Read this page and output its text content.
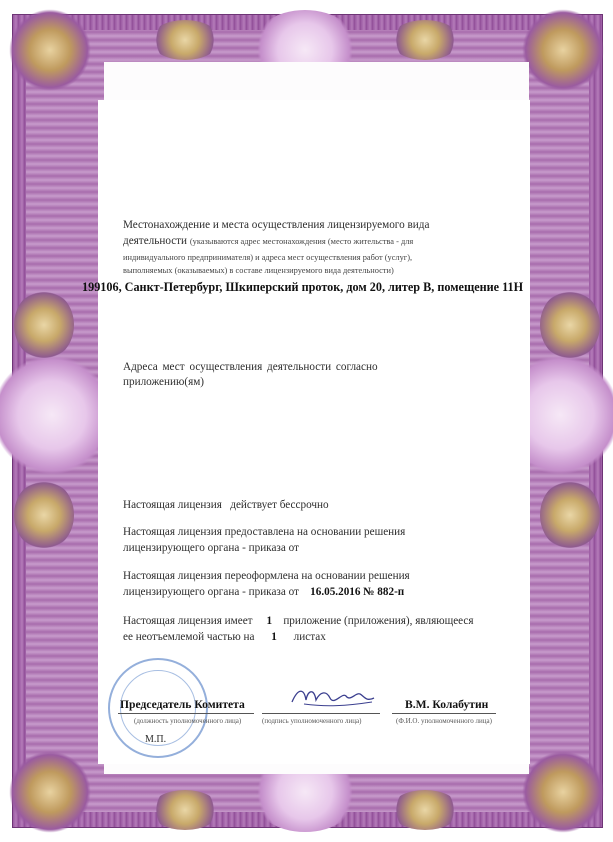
Местонахождение и места осуществления лицензируемого вида
деятельности (указываются адрес местонахождения (место жительства - для
индивидуального предпринимателя) и адреса мест осуществления работ (услуг),
выполняемых (оказываемых) в составе лицензируемого вида деятельности)
199106, Санкт-Петербург, Шкиперский проток, дом 20, литер В, помещение 11Н
Адреса мест осуществления деятельности согласно
приложению(ям)
Настоящая лицензия действует бессрочно
Настоящая лицензия предоставлена на основании решения
лицензирующего органа - приказа от
Настоящая лицензия переоформлена на основании решения
лицензирующего органа - приказа от 16.05.2016 № 882-п
Настоящая лицензия имеет 1 приложение (приложения), являющееся
ее неотъемлемой частью на 1 листах
Председатель Комитета	В.М. Колабутин
(должность уполномоченного лица)	(подпись уполномоченного лица)	(Ф.И.О. уполномоченного лица)
М.П.
